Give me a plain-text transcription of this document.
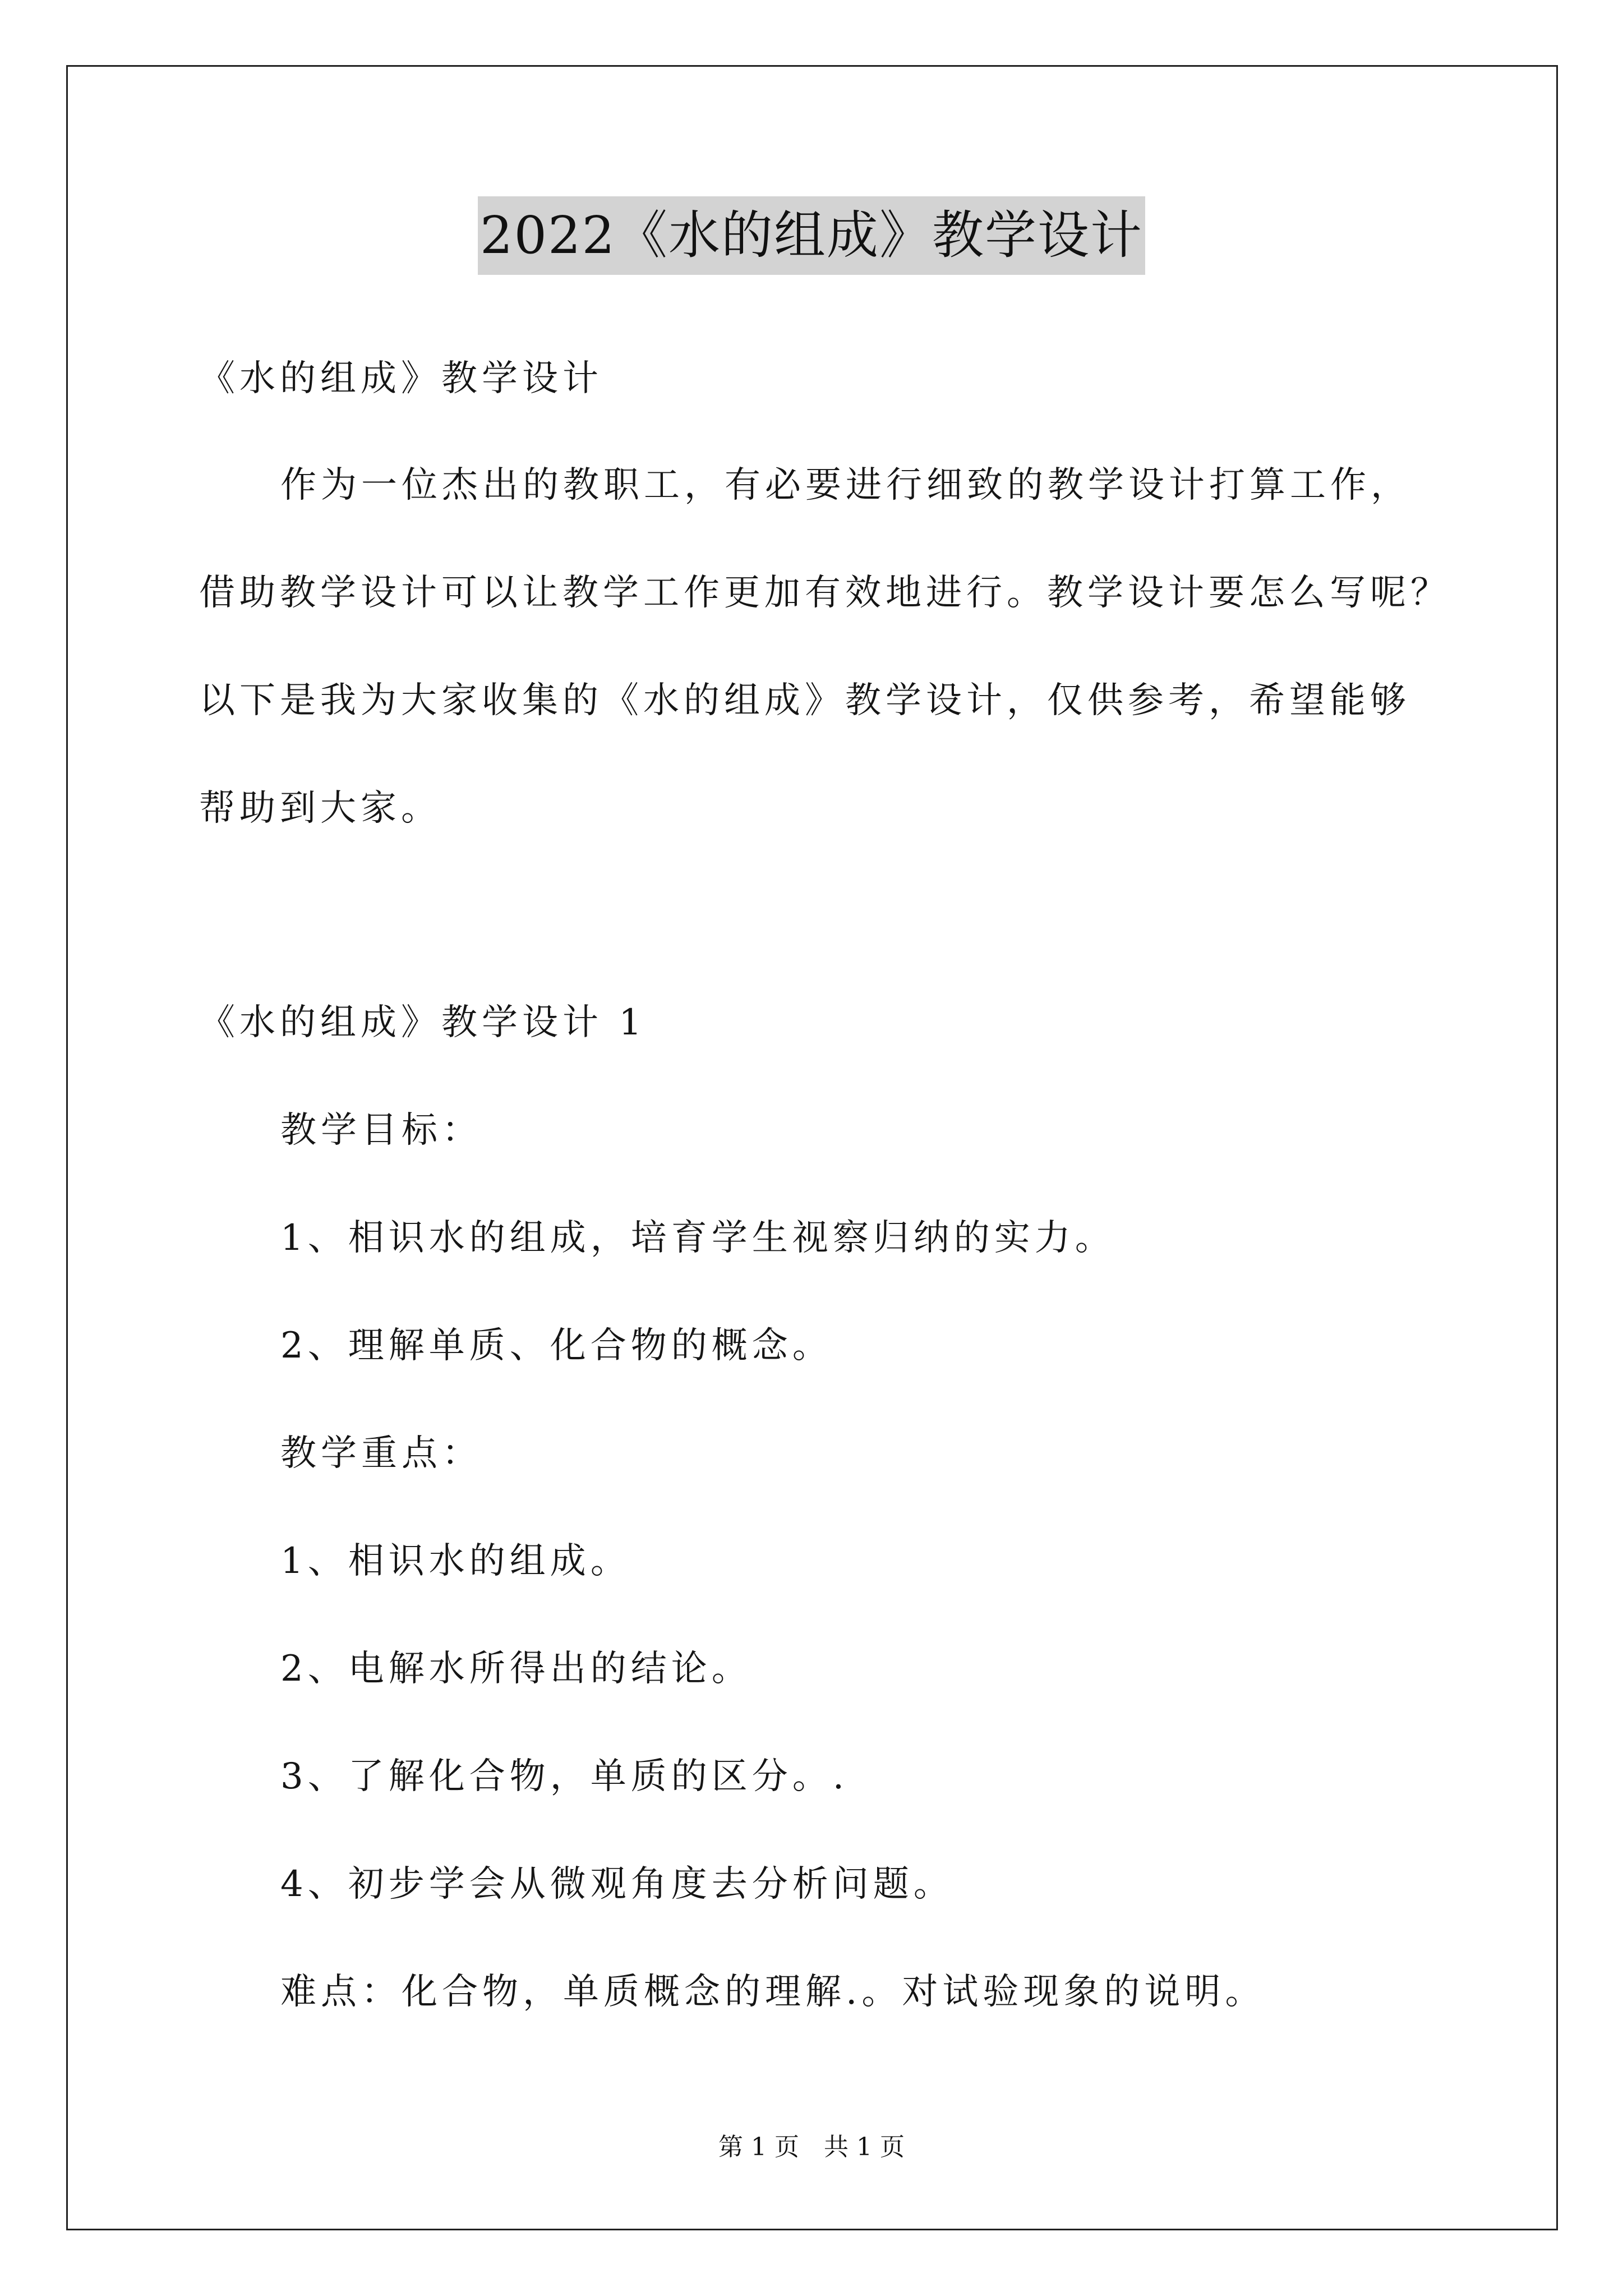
2022《水的组成》教学设计
《水的组成》教学设计
作为一位杰出的教职工，有必要进行细致的教学设计打算工作，
借助教学设计可以让教学工作更加有效地进行。教学设计要怎么写呢？
以下是我为大家收集的《水的组成》教学设计，仅供参考，希望能够
帮助到大家。
《水的组成》教学设计 1
教学目标：
1、相识水的组成，培育学生视察归纳的实力。
2、理解单质、化合物的概念。
教学重点：
1、相识水的组成。
2、电解水所得出的结论。
3、了解化合物，单质的区分。.
4、初步学会从微观角度去分析问题。
难点：化合物，单质概念的理解.。对试验现象的说明。
第 1 页　共 1 页
